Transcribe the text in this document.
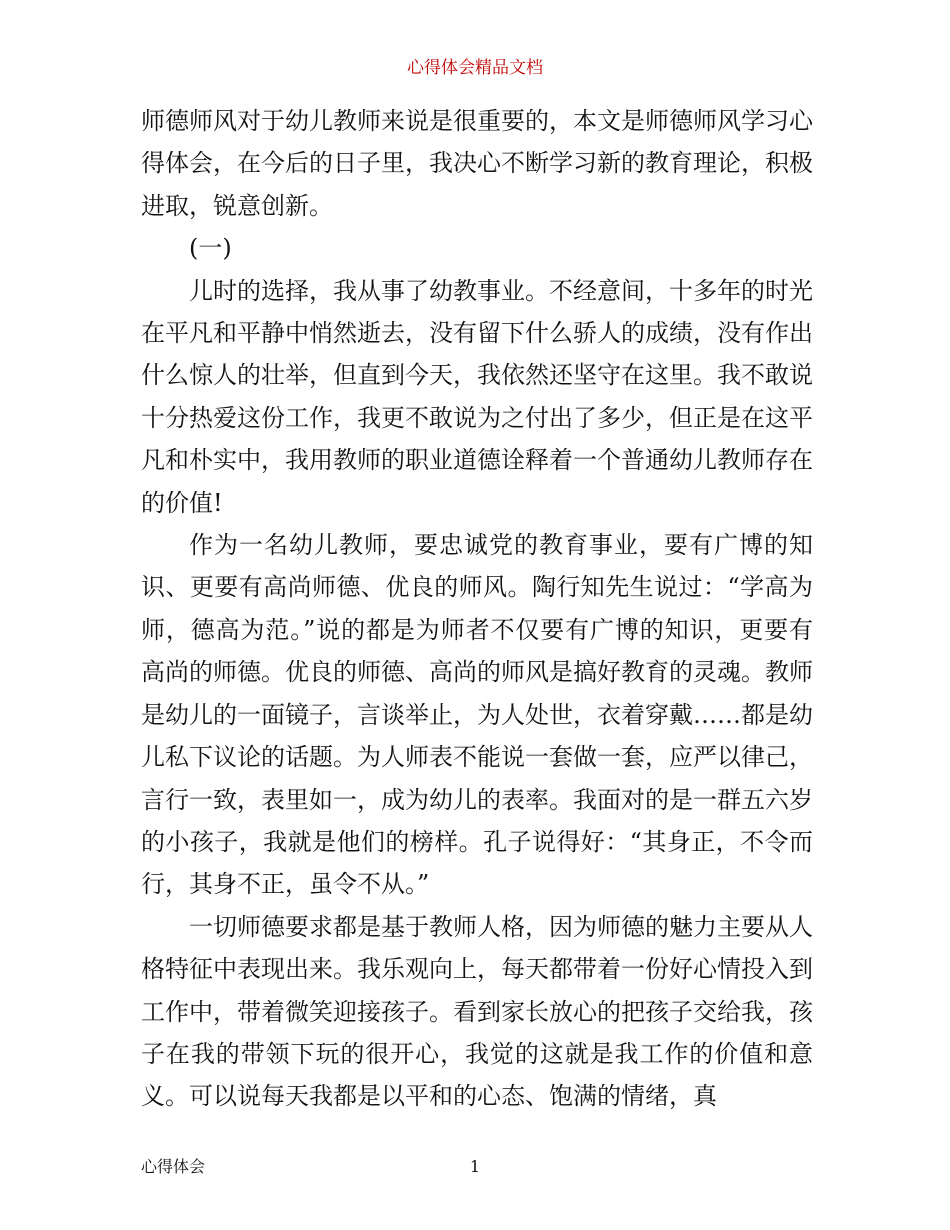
心得体会精品文档

师德师风对于幼儿教师来说是很重要的，本文是师德师风学习心得体会，在今后的日子里，我决心不断学习新的教育理论，积极进取，锐意创新。

(一)

儿时的选择，我从事了幼教事业。不经意间，十多年的时光在平凡和平静中悄然逝去，没有留下什么骄人的成绩，没有作出什么惊人的壮举，但直到今天，我依然还坚守在这里。我不敢说十分热爱这份工作，我更不敢说为之付出了多少，但正是在这平凡和朴实中，我用教师的职业道德诠释着一个普通幼儿教师存在的价值!

作为一名幼儿教师，要忠诚党的教育事业，要有广博的知识、更要有高尚师德、优良的师风。陶行知先生说过：“学高为师，德高为范。”说的都是为师者不仅要有广博的知识，更要有高尚的师德。优良的师德、高尚的师风是搞好教育的灵魂。教师是幼儿的一面镜子，言谈举止，为人处世，衣着穿戴……都是幼儿私下议论的话题。为人师表不能说一套做一套，应严以律己，言行一致，表里如一，成为幼儿的表率。我面对的是一群五六岁的小孩子，我就是他们的榜样。孔子说得好：“其身正，不令而行，其身不正，虽令不从。”

一切师德要求都是基于教师人格，因为师德的魅力主要从人格特征中表现出来。我乐观向上，每天都带着一份好心情投入到工作中，带着微笑迎接孩子。看到家长放心的把孩子交给我，孩子在我的带领下玩的很开心，我觉的这就是我工作的价值和意义。可以说每天我都是以平和的心态、饱满的情绪，真

心得体会	1
